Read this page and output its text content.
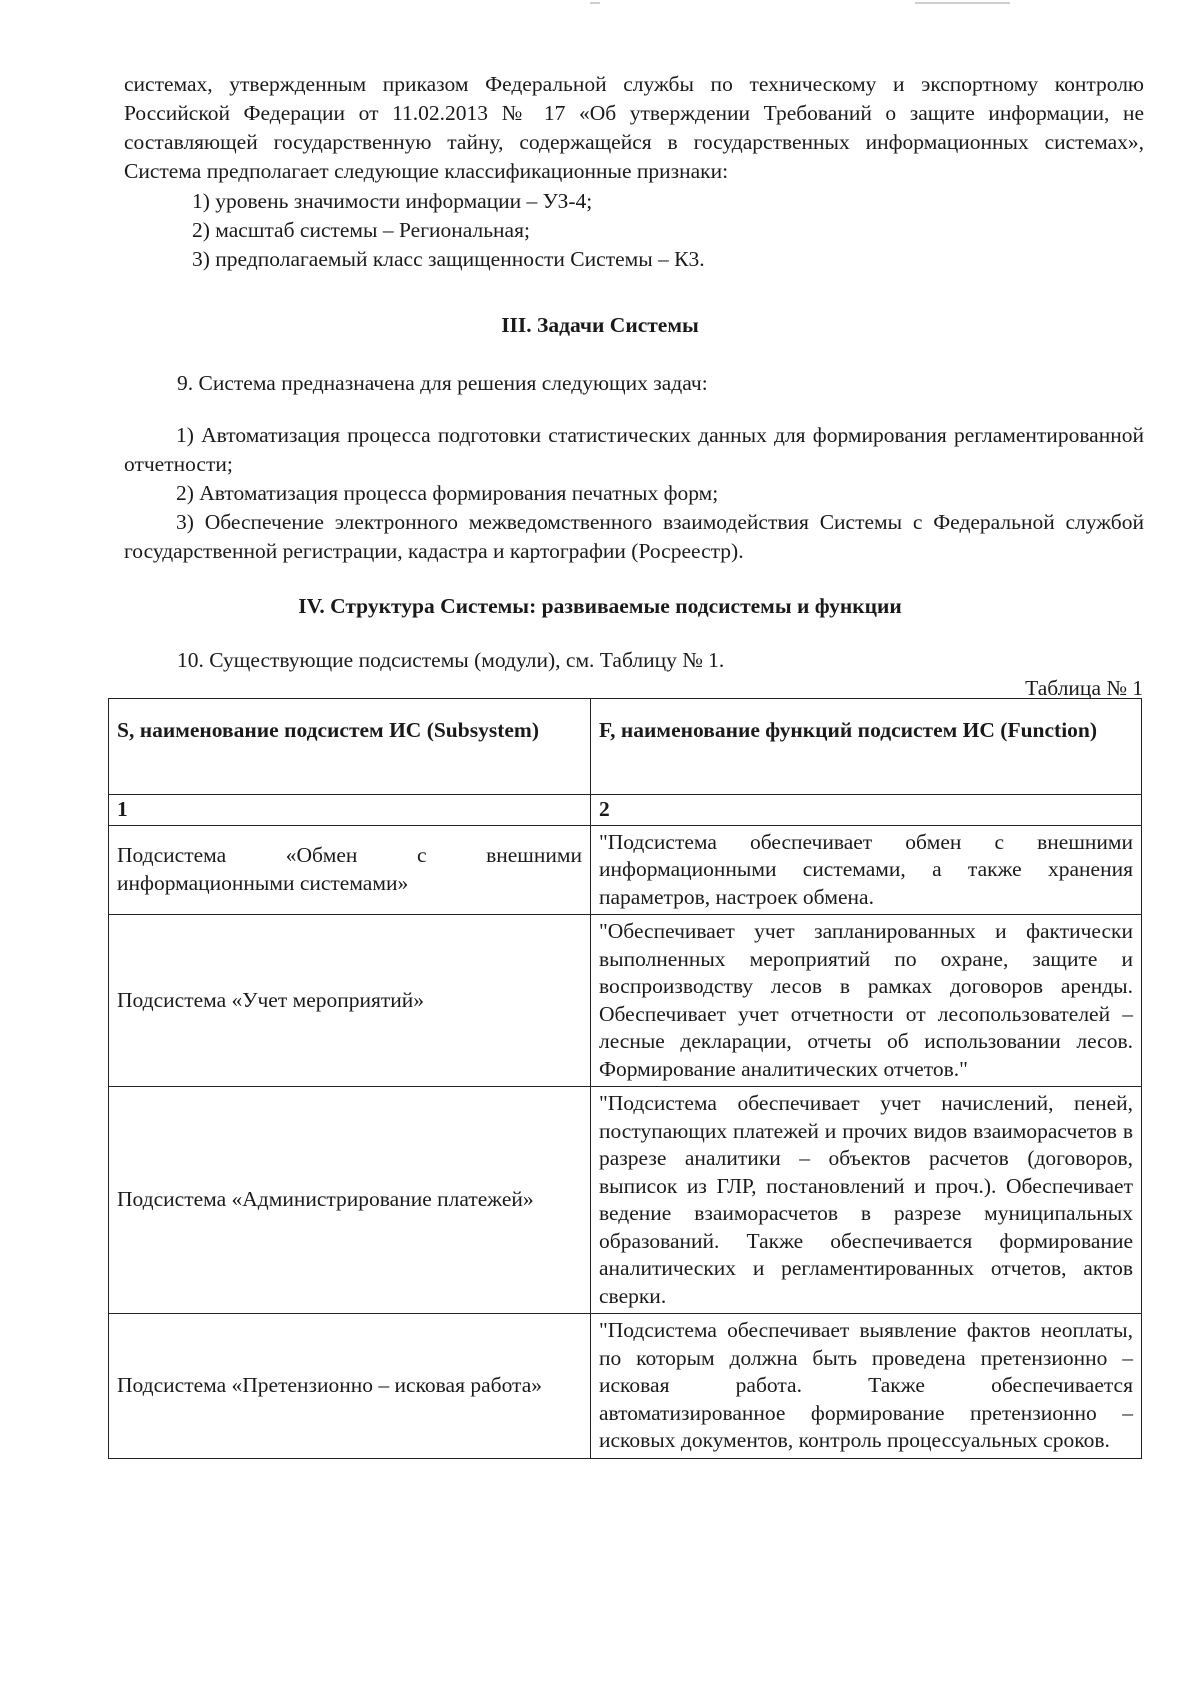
системах, утвержденным приказом Федеральной службы по техническому и экспортному контролю Российской Федерации от 11.02.2013 № 17 «Об утверждении Требований о защите информации, не составляющей государственную тайну, содержащейся в государственных информационных системах», Система предполагает следующие классификационные признаки:
1) уровень значимости информации – УЗ-4;
2) масштаб системы – Региональная;
3) предполагаемый класс защищенности Системы – К3.
III. Задачи Системы
9. Система предназначена для решения следующих задач:
1) Автоматизация процесса подготовки статистических данных для формирования регламентированной отчетности;
2) Автоматизация процесса формирования печатных форм;
3) Обеспечение электронного межведомственного взаимодействия Системы с Федеральной службой государственной регистрации, кадастра и картографии (Росреестр).
IV. Структура Системы: развиваемые подсистемы и функции
10. Существующие подсистемы (модули), см. Таблицу № 1.
Таблица № 1
S, наименование подсистем ИС (Subsystem)	F, наименование функций подсистем ИС (Function)
1	2
Подсистема «Обмен с внешними информационными системами»	"Подсистема обеспечивает обмен с внешними информационными системами, а также хранения параметров, настроек обмена.
Подсистема «Учет мероприятий»	"Обеспечивает учет запланированных и фактически выполненных мероприятий по охране, защите и воспроизводству лесов в рамках договоров аренды. Обеспечивает учет отчетности от лесопользователей – лесные декларации, отчеты об использовании лесов. Формирование аналитических отчетов."
Подсистема «Администрирование платежей»	"Подсистема обеспечивает учет начислений, пеней, поступающих платежей и прочих видов взаиморасчетов в разрезе аналитики – объектов расчетов (договоров, выписок из ГЛР, постановлений и проч.). Обеспечивает ведение взаиморасчетов в разрезе муниципальных образований. Также обеспечивается формирование аналитических и регламентированных отчетов, актов сверки.
Подсистема «Претензионно – исковая работа»	"Подсистема обеспечивает выявление фактов неоплаты, по которым должна быть проведена претензионно – исковая работа. Также обеспечивается автоматизированное формирование претензионно – исковых документов, контроль процессуальных сроков.
